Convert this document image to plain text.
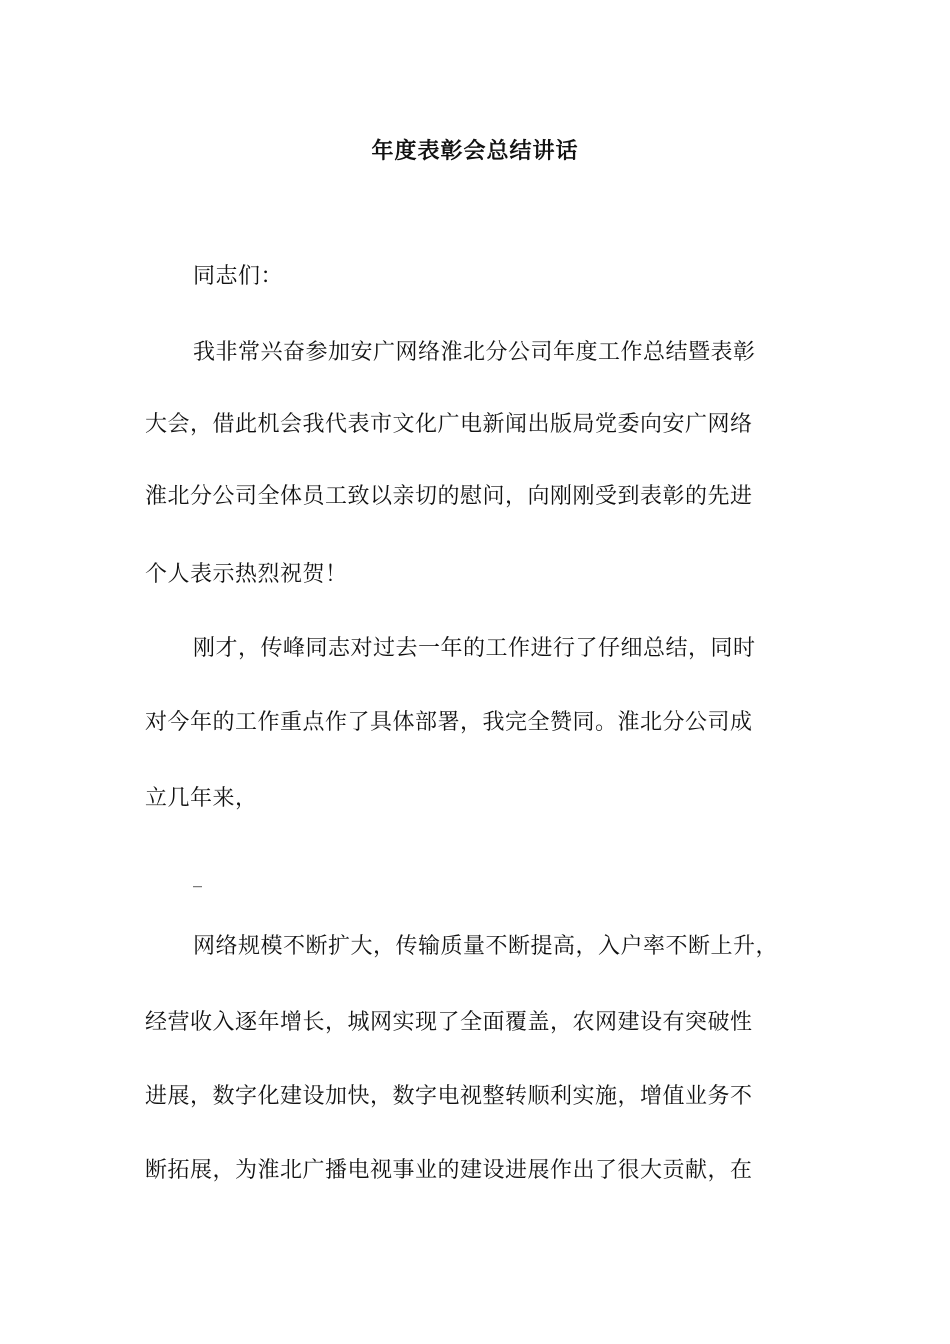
年度表彰会总结讲话
同志们：
我非常兴奋参加安广网络淮北分公司年度工作总结暨表彰
大会，借此机会我代表市文化广电新闻出版局党委向安广网络
淮北分公司全体员工致以亲切的慰问，向刚刚受到表彰的先进
个人表示热烈祝贺！
刚才，传峰同志对过去一年的工作进行了仔细总结，同时
对今年的工作重点作了具体部署，我完全赞同。淮北分公司成
立几年来，
_
网络规模不断扩大，传输质量不断提高，入户率不断上升，
经营收入逐年增长，城网实现了全面覆盖，农网建设有突破性
进展，数字化建设加快，数字电视整转顺利实施，增值业务不
断拓展，为淮北广播电视事业的建设进展作出了很大贡献，在
